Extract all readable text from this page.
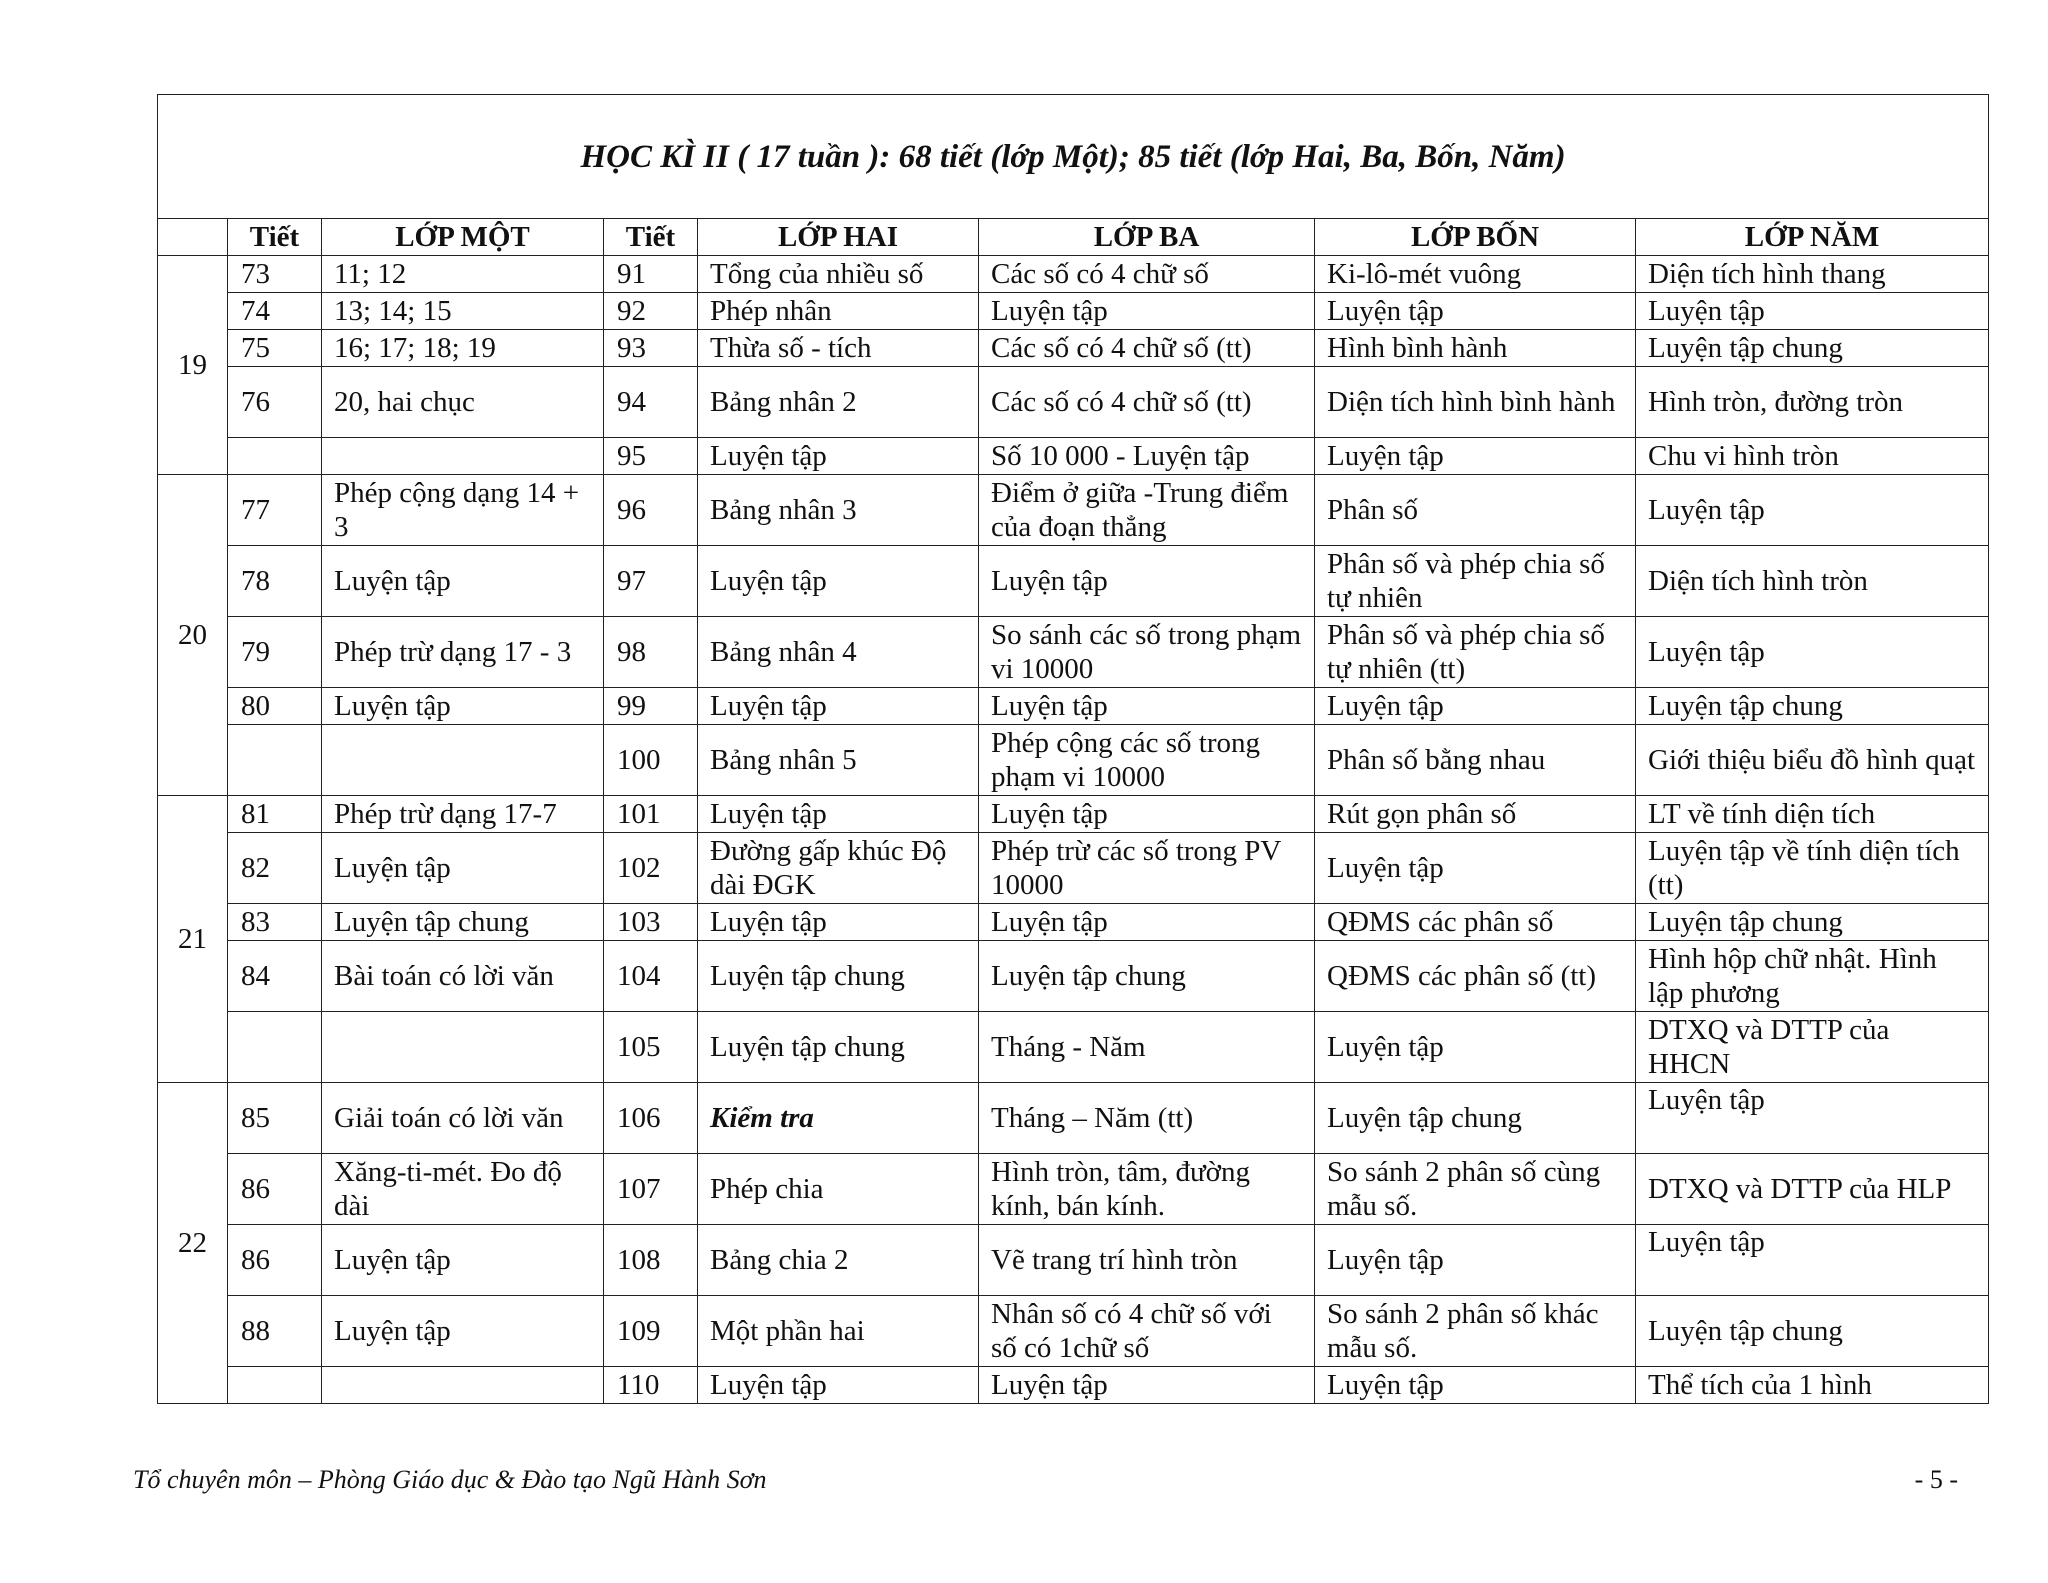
HỌC KÌ II ( 17 tuần ): 68 tiết (lớp Một); 85 tiết (lớp Hai, Ba, Bốn, Năm)							
	Tiết	LỚP MỘT	Tiết	LỚP HAI	LỚP BA	LỚP BỐN	LỚP NĂM
19	73	11; 12	91	Tổng của nhiều số	Các số có 4 chữ số	Ki-lô-mét vuông	Diện tích hình thang
	74	13; 14; 15	92	Phép nhân	Luyện tập	Luyện tập	Luyện tập
	75	16; 17; 18; 19	93	Thừa số - tích	Các số có 4 chữ số (tt)	Hình bình hành	Luyện tập chung
	76	20, hai chục	94	Bảng nhân 2	Các số có 4 chữ số (tt)	Diện tích hình bình hành	Hình tròn, đường tròn
			95	Luyện tập	Số 10 000 - Luyện tập	Luyện tập	Chu vi hình tròn
20	77	Phép cộng dạng 14 + 3	96	Bảng nhân 3	Điểm ở giữa -Trung điểm của đoạn thẳng	Phân số	Luyện tập
	78	Luyện tập	97	Luyện tập	Luyện tập	Phân số và phép chia số tự nhiên	Diện tích hình tròn
	79	Phép trừ dạng 17 - 3	98	Bảng nhân 4	So sánh các số trong phạm vi 10000	Phân số và phép chia số tự nhiên (tt)	Luyện tập
	80	Luyện tập	99	Luyện tập	Luyện tập	Luyện tập	Luyện tập chung
			100	Bảng nhân 5	Phép cộng các số trong phạm vi 10000	Phân số bằng nhau	Giới thiệu biểu đồ hình quạt
21	81	Phép trừ dạng 17-7	101	Luyện tập	Luyện tập	Rút gọn phân số	LT về tính diện tích
	82	Luyện tập	102	Đường gấp khúc Độ dài ĐGK	Phép trừ các số trong PV 10000	Luyện tập	Luyện tập về tính diện tích (tt)
	83	Luyện tập chung	103	Luyện tập	Luyện tập	QĐMS các phân số	Luyện tập chung
	84	Bài toán có lời văn	104	Luyện tập chung	Luyện tập chung	QĐMS các phân số (tt)	Hình hộp chữ nhật. Hình lập phương
			105	Luyện tập chung	Tháng - Năm	Luyện tập	DTXQ và DTTP của HHCN
22	85	Giải toán có lời văn	106	Kiểm tra	Tháng – Năm (tt)	Luyện tập chung	Luyện tập
	86	Xăng-ti-mét. Đo độ dài	107	Phép chia	Hình tròn, tâm, đường kính, bán kính.	So sánh 2 phân số cùng mẫu số.	DTXQ và DTTP của HLP
	86	Luyện tập	108	Bảng chia 2	Vẽ trang trí hình tròn	Luyện tập	Luyện tập
	88	Luyện tập	109	Một phần hai	Nhân số có 4 chữ số với số có 1chữ số	So sánh 2 phân số khác mẫu số.	Luyện tập chung
			110	Luyện tập	Luyện tập	Luyện tập	Thể tích của 1 hình
Tổ chuyên môn – Phòng Giáo dục & Đào tạo Ngũ Hành Sơn	- 5 -
